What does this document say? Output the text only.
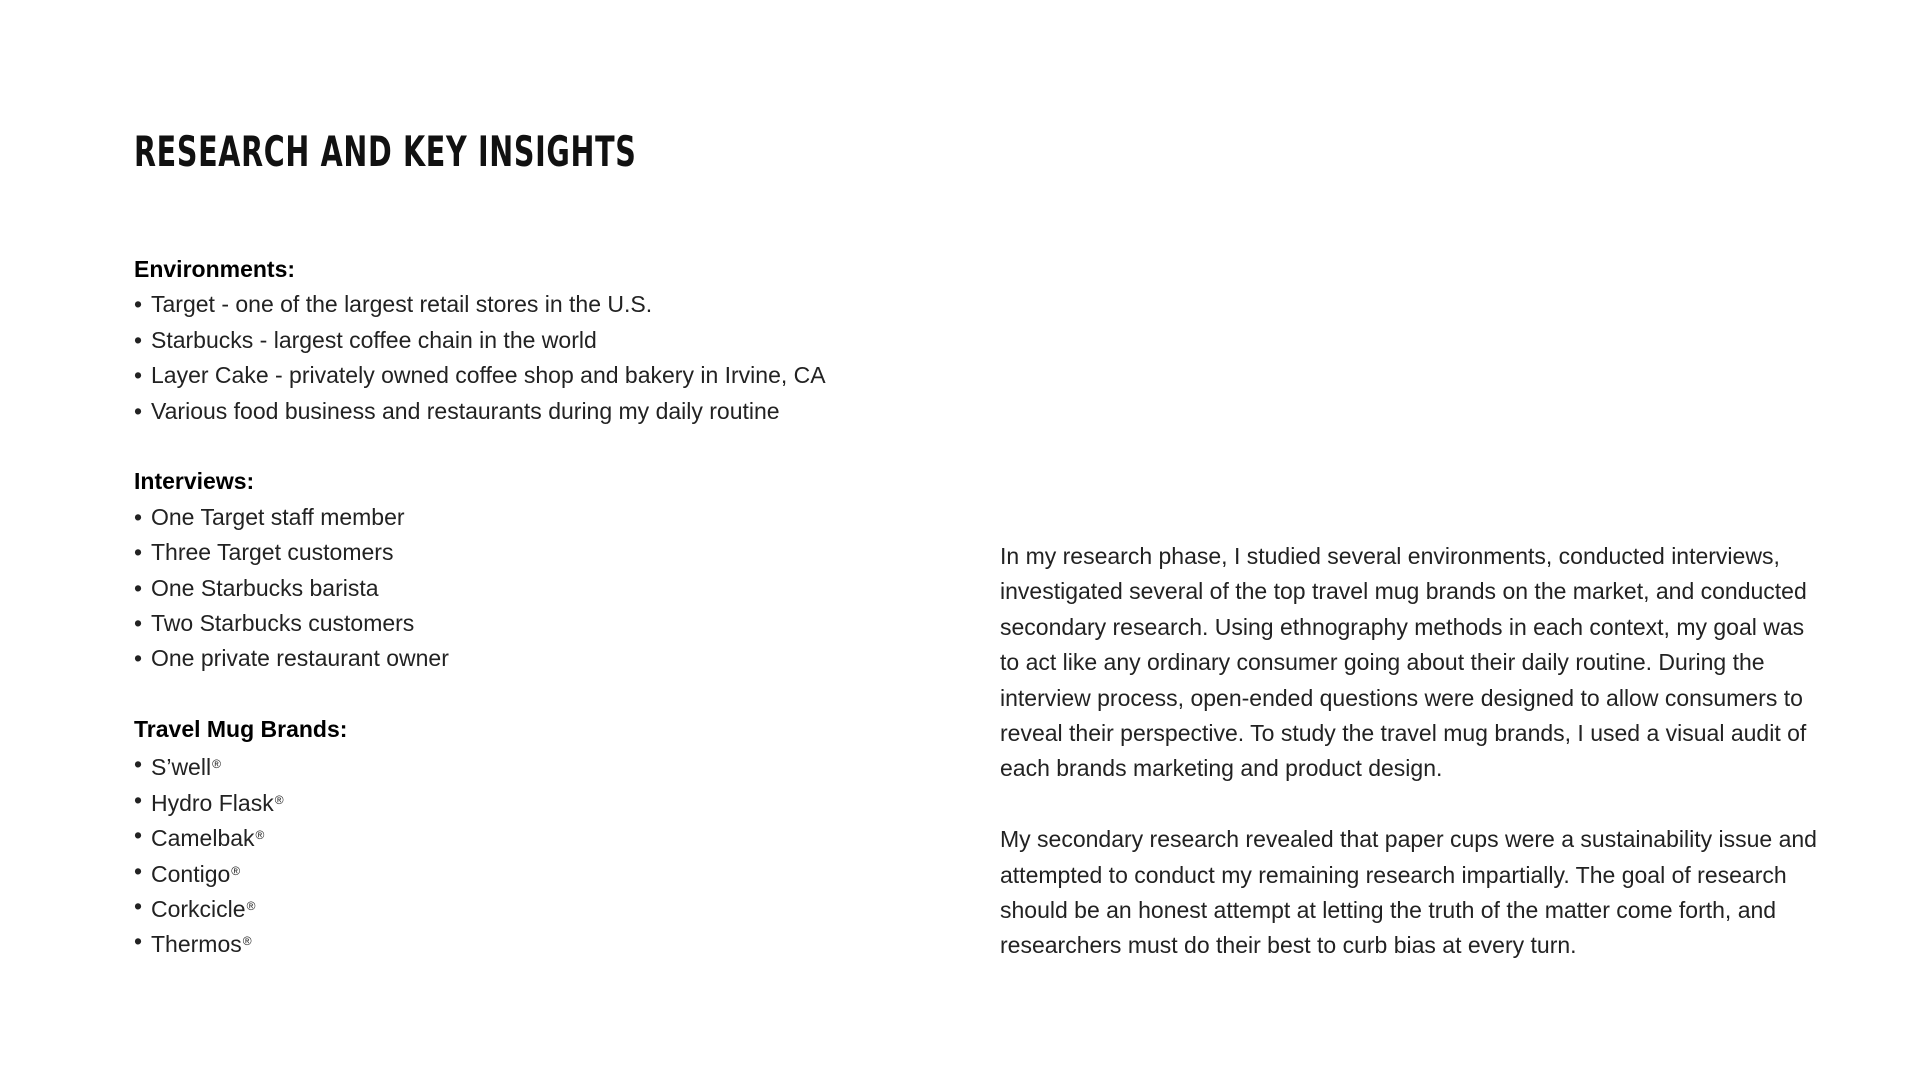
RESEARCH AND KEY INSIGHTS
Environments:
• Target - one of the largest retail stores in the U.S.
• Starbucks - largest coffee chain in the world
• Layer Cake - privately owned coffee shop and bakery in Irvine, CA
• Various food business and restaurants during my daily routine
Interviews:
• One Target staff member
• Three Target customers
• One Starbucks barista
• Two Starbucks customers
• One private restaurant owner
Travel Mug Brands:
• S’well®
• Hydro Flask®
• Camelbak®
• Contigo®
• Corkcicle®
• Thermos®

In my research phase, I studied several environments, conducted interviews, investigated several of the top travel mug brands on the market, and conducted secondary research. Using ethnography methods in each context, my goal was to act like any ordinary consumer going about their daily routine. During the interview process, open-ended questions were designed to allow consumers to reveal their perspective. To study the travel mug brands, I used a visual audit of each brands marketing and product design.

My secondary research revealed that paper cups were a sustainability issue and attempted to conduct my remaining research impartially. The goal of research should be an honest attempt at letting the truth of the matter come forth, and researchers must do their best to curb bias at every turn.
